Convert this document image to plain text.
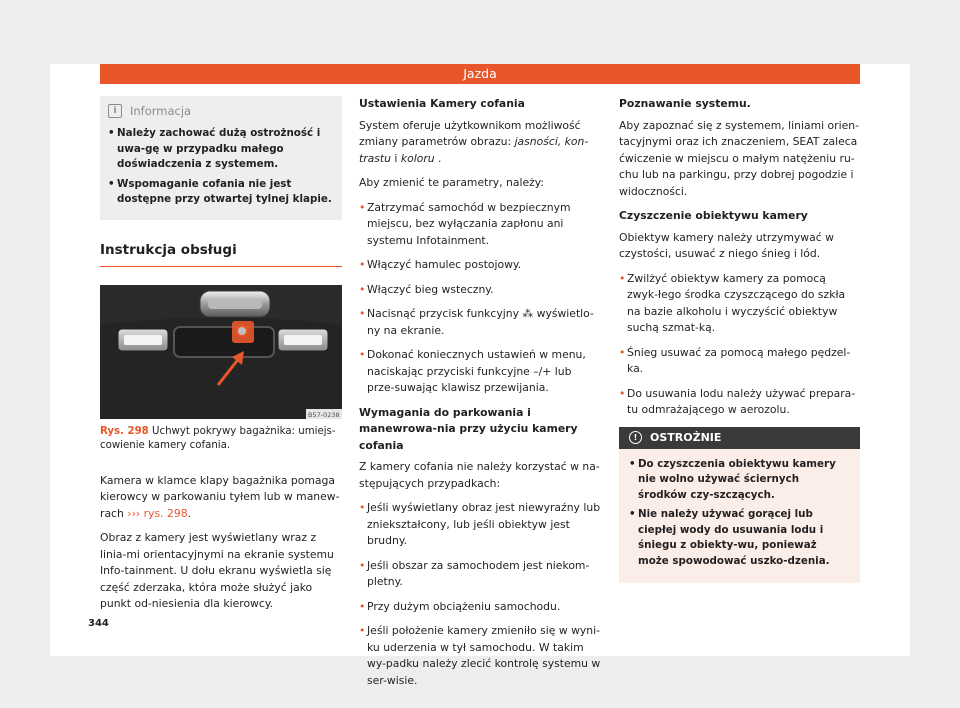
Jazda
i	Informacja
• Należy zachować dużą ostrożność i uwa-gę w przypadku małego doświadczenia z systemem.
• Wspomaganie cofania nie jest dostępne przy otwartej tylnej klapie.
Instrukcja obsługi
B57-0238
Rys. 298 Uchwyt pokrywy bagażnika: umiejs-cowienie kamery cofania.

Kamera w klamce klapy bagażnika pomaga kierowcy w parkowaniu tyłem lub w manew-rach ››› rys. 298.

Obraz z kamery jest wyświetlany wraz z linia-mi orientacyjnymi na ekranie systemu Info-tainment. U dołu ekranu wyświetla się część zderzaka, która może służyć jako punkt od-niesienia dla kierowcy.

Ustawienia Kamery cofania

System oferuje użytkownikom możliwość zmiany parametrów obrazu: jasności, kon-trastu i koloru .

Aby zmienić te parametry, należy:

• Zatrzymać samochód w bezpiecznym miejscu, bez wyłączania zapłonu ani systemu Infotainment.

• Włączyć hamulec postojowy.

• Włączyć bieg wsteczny.

• Nacisnąć przycisk funkcyjny ⁂ wyświetlo-ny na ekranie.

• Dokonać koniecznych ustawień w menu, naciskając przyciski funkcyjne –/+ lub prze-suwając klawisz przewijania.

Wymagania do parkowania i manewrowa-nia przy użyciu kamery cofania

Z kamery cofania nie należy korzystać w na-stępujących przypadkach:

• Jeśli wyświetlany obraz jest niewyraźny lub zniekształcony, lub jeśli obiektyw jest brudny.

• Jeśli obszar za samochodem jest niekom-pletny.

• Przy dużym obciążeniu samochodu.

• Jeśli położenie kamery zmieniło się w wyni-ku uderzenia w tył samochodu. W takim wy-padku należy zlecić kontrolę systemu w ser-wisie.

Poznawanie systemu.

Aby zapoznać się z systemem, liniami orien-tacyjnymi oraz ich znaczeniem, SEAT zaleca ćwiczenie w miejscu o małym natężeniu ru-chu lub na parkingu, przy dobrej pogodzie i widoczności.

Czyszczenie obiektywu kamery

Obiektyw kamery należy utrzymywać w czystości, usuwać z niego śnieg i lód.

• Zwilżyć obiektyw kamery za pomocą zwyk-łego środka czyszczącego do szkła na bazie alkoholu i wyczyścić obiektyw suchą szmat-ką.

• Śnieg usuwać za pomocą małego pędzel-ka.

• Do usuwania lodu należy używać prepara-tu odmrażającego w aerozolu.

!	OSTROŻNIE
• Do czyszczenia obiektywu kamery nie wolno używać ściernych środków czy-szczących.
• Nie należy używać gorącej lub ciepłej wody do usuwania lodu i śniegu z obiekty-wu, ponieważ może spowodować uszko-dzenia.
344
